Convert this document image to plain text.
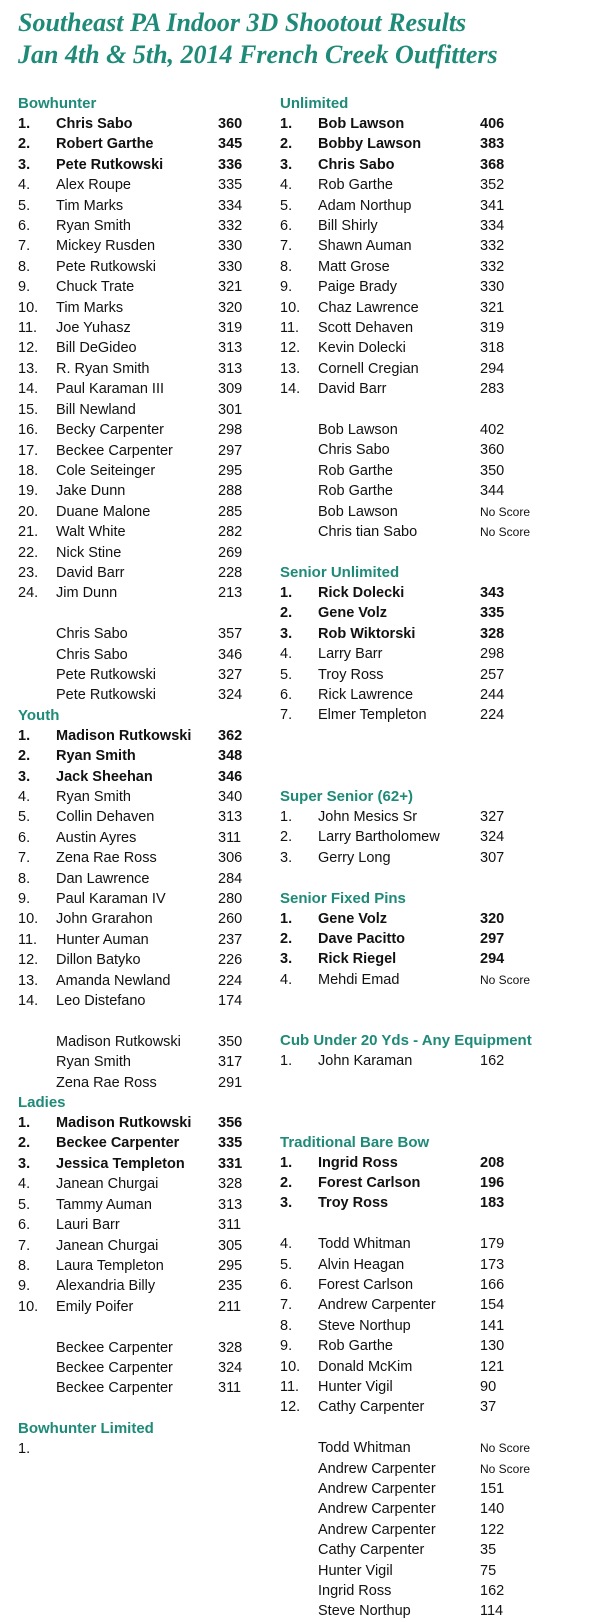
Southeast PA Indoor 3D Shootout Results
Jan 4th & 5th, 2014 French Creek Outfitters
Bowhunter
1.	Chris Sabo	360
2.	Robert Garthe	345
3.	Pete Rutkowski	336
4.	Alex Roupe	335
5.	Tim Marks	334
6.	Ryan Smith	332
7.	Mickey Rusden	330
8.	Pete Rutkowski	330
9.	Chuck Trate	321
10.	Tim Marks	320
11.	Joe Yuhasz	319
12.	Bill DeGideo	313
13.	R. Ryan Smith	313
14.	Paul Karaman III	309
15.	Bill Newland	301
16.	Becky Carpenter	298
17.	Beckee Carpenter	297
18.	Cole Seiteinger	295
19.	Jake Dunn	288
20.	Duane Malone	285
21.	Walt White	282
22.	Nick Stine	269
23.	David Barr	228
24.	Jim Dunn	213
Chris Sabo	357
Chris Sabo	346
Pete Rutkowski	327
Pete Rutkowski	324
Youth
1.	Madison Rutkowski	362
2.	Ryan Smith	348
3.	Jack Sheehan	346
4.	Ryan Smith	340
5.	Collin Dehaven	313
6.	Austin Ayres	311
7.	Zena Rae Ross	306
8.	Dan Lawrence	284
9.	Paul Karaman IV	280
10.	John Grarahon	260
11.	Hunter Auman	237
12.	Dillon Batyko	226
13.	Amanda Newland	224
14.	Leo Distefano	174
Madison Rutkowski	350
Ryan Smith	317
Zena Rae Ross	291
Ladies
1.	Madison Rutkowski	356
2.	Beckee Carpenter	335
3.	Jessica Templeton	331
4.	Janean Churgai	328
5.	Tammy Auman	313
6.	Lauri Barr	311
7.	Janean Churgai	305
8.	Laura Templeton	295
9.	Alexandria Billy	235
10.	Emily Poifer	211
Beckee Carpenter	328
Beckee Carpenter	324
Beckee Carpenter	311
Bowhunter Limited
1.
Unlimited
1.	Bob Lawson	406
2.	Bobby Lawson	383
3.	Chris Sabo	368
4.	Rob Garthe	352
5.	Adam Northup	341
6.	Bill Shirly	334
7.	Shawn Auman	332
8.	Matt Grose	332
9.	Paige Brady	330
10.	Chaz Lawrence	321
11.	Scott Dehaven	319
12.	Kevin Dolecki	318
13.	Cornell Cregian	294
14.	David Barr	283
Bob Lawson	402
Chris Sabo	360
Rob Garthe	350
Rob Garthe	344
Bob Lawson	No Score
Chris tian Sabo	No Score
Senior Unlimited
1.	Rick Dolecki	343
2.	Gene Volz	335
3.	Rob Wiktorski	328
4.	Larry Barr	298
5.	Troy Ross	257
6.	Rick Lawrence	244
7.	Elmer Templeton	224
Super Senior (62+)
1.	John Mesics Sr	327
2.	Larry Bartholomew	324
3.	Gerry Long	307
Senior Fixed Pins
1.	Gene Volz	320
2.	Dave Pacitto	297
3.	Rick Riegel	294
4.	Mehdi Emad	No Score
Cub Under 20 Yds - Any Equipment
1.	John Karaman	162
Traditional Bare Bow
1.	Ingrid Ross	208
2.	Forest Carlson	196
3.	Troy Ross	183
4.	Todd Whitman	179
5.	Alvin Heagan	173
6.	Forest Carlson	166
7.	Andrew Carpenter	154
8.	Steve Northup	141
9.	Rob Garthe	130
10.	Donald McKim	121
11.	Hunter Vigil	90
12.	Cathy Carpenter	37
Todd Whitman	No Score
Andrew Carpenter	No Score
Andrew Carpenter	151
Andrew Carpenter	140
Andrew Carpenter	122
Cathy Carpenter	35
Hunter Vigil	75
Ingrid Ross	162
Steve Northup	114
